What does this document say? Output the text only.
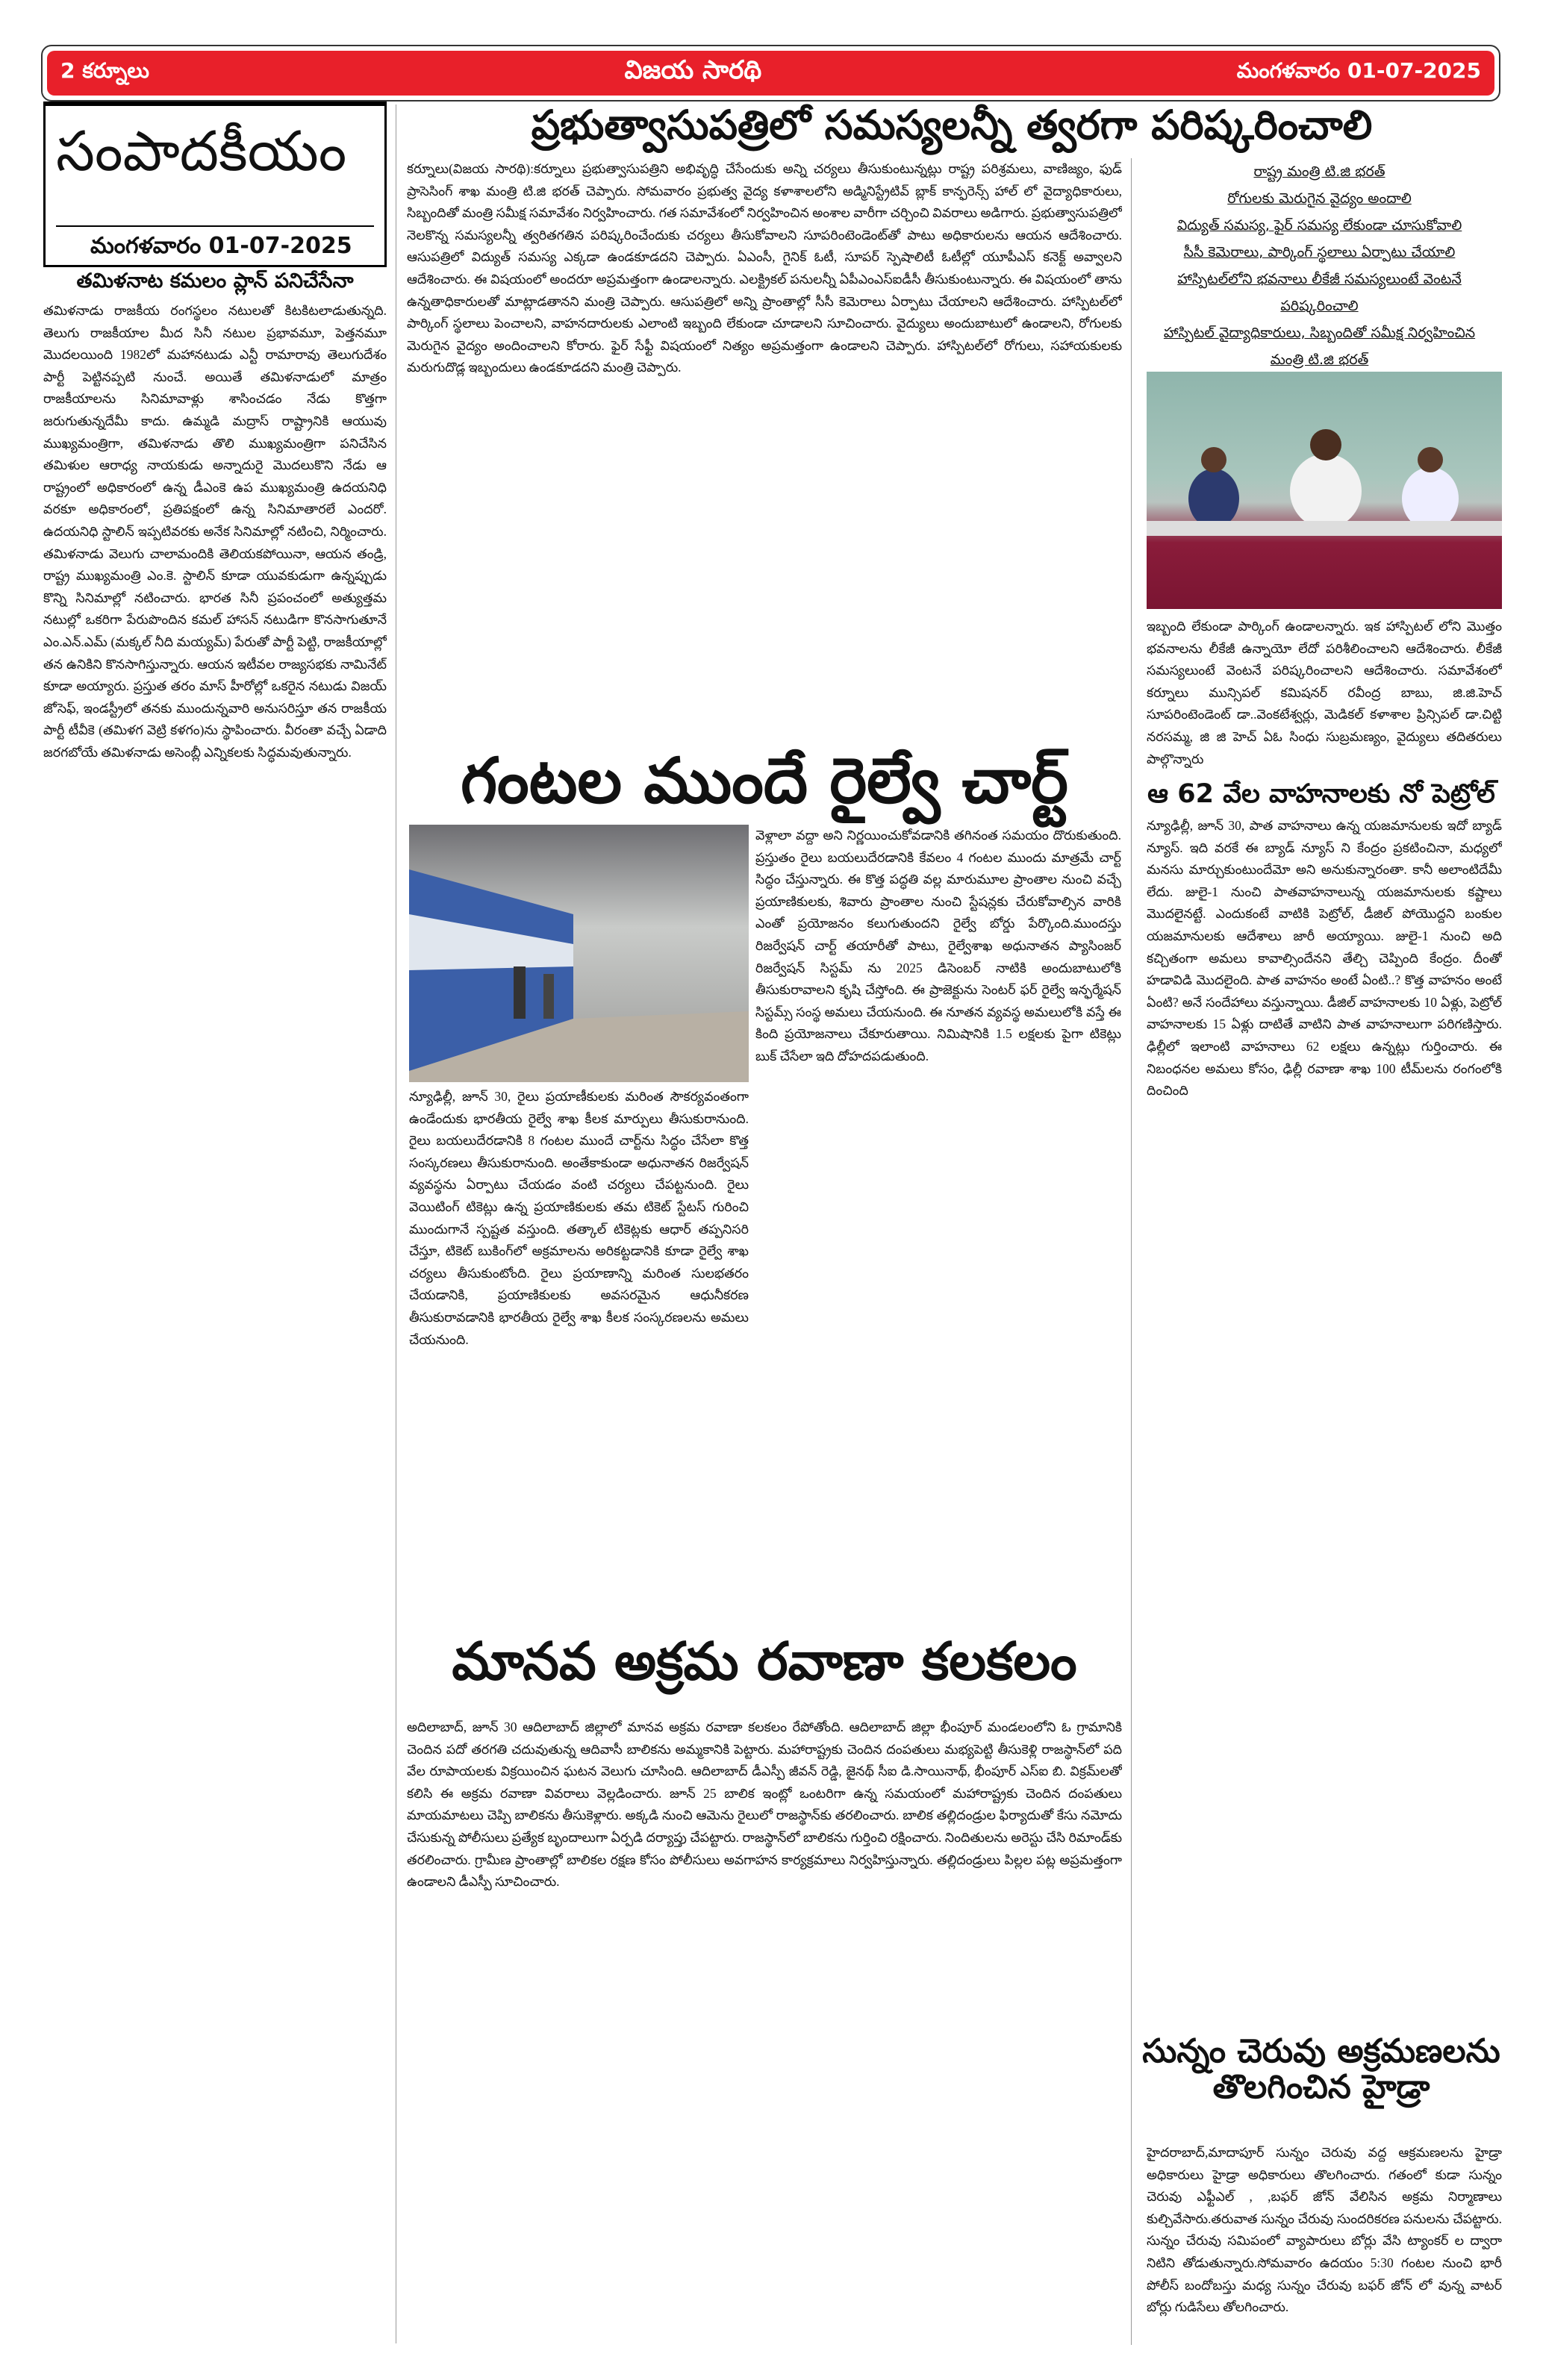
2 కర్నూలు	విజయ సారథి	మంగళవారం 01-07-2025
సంపాదకీయం
మంగళవారం 01-07-2025
తమిళనాట కమలం ప్లాన్ పనిచేసేనా
తమిళనాడు రాజకీయ రంగస్థలం నటులతో కిటకిటలాడుతున్నది. తెలుగు రాజకీయాల మీద సినీ నటుల ప్రభావమూ, పెత్తనమూ మొదలయింది 1982లో మహానటుడు ఎన్టీ రామారావు తెలుగుదేశం పార్టీ పెట్టినప్పటి నుంచే. అయితే తమిళనాడులో మాత్రం రాజకీయాలను సినిమావాళ్లు శాసించడం నేడు కొత్తగా జరుగుతున్నదేమీ కాదు. ఉమ్మడి మద్రాస్ రాష్ట్రానికి ఆయువు ముఖ్యమంత్రిగా, తమిళనాడు తొలి ముఖ్యమంత్రిగా పనిచేసిన తమిళుల ఆరాధ్య నాయకుడు అన్నాదురై మొదలుకొని నేడు ఆ రాష్ట్రంలో అధికారంలో ఉన్న డీఎంకె ఉప ముఖ్యమంత్రి ఉదయనిధి వరకూ అధికారంలో, ప్రతిపక్షంలో ఉన్న సినిమాతారలే ఎందరో. ఉదయనిధి స్టాలిన్ ఇప్పటివరకు అనేక సినిమాల్లో నటించి, నిర్మించారు. తమిళనాడు వెలుగు చాలామందికి తెలియకపోయినా, ఆయన తండ్రి, రాష్ట్ర ముఖ్యమంత్రి ఎం.కె. స్టాలిన్ కూడా యువకుడుగా ఉన్నప్పుడు కొన్ని సినిమాల్లో నటించారు. భారత సినీ ప్రపంచంలో అత్యుత్తమ నటుల్లో ఒకరిగా పేరుపొందిన కమల్ హాసన్ నటుడిగా కొనసాగుతూనే ఎం.ఎన్.ఎమ్ (మక్కల్ నీది మయ్యమ్) పేరుతో పార్టీ పెట్టి, రాజకీయాల్లో తన ఉనికిని కొనసాగిస్తున్నారు. ఆయన ఇటీవల రాజ్యసభకు నామినేట్ కూడా అయ్యారు. ప్రస్తుత తరం మాస్ హీరోల్లో ఒకరైన నటుడు విజయ్ జోసెఫ్, ఇండస్ట్రీలో తనకు ముందున్నవారి అనుసరిస్తూ తన రాజకీయ పార్టీ టీవీకె (తమిళగ వెట్రి కళగం)ను స్థాపించారు. వీరంతా వచ్చే ఏడాది జరగబోయే తమిళనాడు అసెంబ్లీ ఎన్నికలకు సిద్ధమవుతున్నారు.
ప్రభుత్వాసుపత్రిలో సమస్యలన్నీ త్వరగా పరిష్కరించాలి
కర్నూలు(విజయ సారథి):కర్నూలు ప్రభుత్వాసుపత్రిని అభివృద్ధి చేసేందుకు అన్ని చర్యలు తీసుకుంటున్నట్లు రాష్ట్ర పరిశ్రమలు, వాణిజ్యం, ఫుడ్ ప్రాసెసింగ్ శాఖ మంత్రి టి.జి భరత్ చెప్పారు. సోమవారం ప్రభుత్వ వైద్య కళాశాలలోని అడ్మినిస్ట్రేటివ్ బ్లాక్ కాన్ఫరెన్స్ హాల్ లో వైద్యాధికారులు, సిబ్బందితో మంత్రి సమీక్ష సమావేశం నిర్వహించారు. గత సమావేశంలో నిర్వహించిన అంశాల వారీగా చర్చించి వివరాలు అడిగారు. ప్రభుత్వాసుపత్రిలో నెలకొన్న సమస్యలన్నీ త్వరితగతిన పరిష్కరించేందుకు చర్యలు తీసుకోవాలని సూపరింటెండెంట్‌తో పాటు అధికారులను ఆయన ఆదేశించారు. ఆసుపత్రిలో విద్యుత్ సమస్య ఎక్కడా ఉండకూడదని చెప్పారు. ఏఎంసీ, గైనిక్ ఓటీ, సూపర్ స్పెషాలిటీ ఓటీల్లో యూపీఎస్ కనెక్ట్ అవ్వాలని ఆదేశించారు. ఈ విషయంలో అందరూ అప్రమత్తంగా ఉండాలన్నారు. ఎలక్ట్రికల్ పనులన్నీ ఏపీఎంఎస్ఐడీసీ తీసుకుంటున్నారు. ఈ విషయంలో తాను ఉన్నతాధికారులతో మాట్లాడతానని మంత్రి చెప్పారు. ఆసుపత్రిలో అన్ని ప్రాంతాల్లో సీసీ కెమెరాలు ఏర్పాటు చేయాలని ఆదేశించారు. హాస్పిటల్‌లో పార్కింగ్ స్థలాలు పెంచాలని, వాహనదారులకు ఎలాంటి ఇబ్బంది లేకుండా చూడాలని సూచించారు. వైద్యులు అందుబాటులో ఉండాలని, రోగులకు మెరుగైన వైద్యం అందించాలని కోరారు. ఫైర్ సేఫ్టీ విషయంలో నిత్యం అప్రమత్తంగా ఉండాలని చెప్పారు. హాస్పిటల్‌లో రోగులు, సహాయకులకు మరుగుదొడ్ల ఇబ్బందులు ఉండకూడదని మంత్రి చెప్పారు.
రాష్ట్ర మంత్రి టి.జి భరత్
రోగులకు మెరుగైన వైద్యం అందాలి
విద్యుత్ సమస్య, ఫైర్ సమస్య లేకుండా చూసుకోవాలి
సీసీ కెమెరాలు, పార్కింగ్ స్థలాలు ఏర్పాటు చేయాలి
హాస్పిటల్‌లోని భవనాలు లీకేజీ సమస్యలుంటే వెంటనే
పరిష్కరించాలి
హాస్పిటల్ వైద్యాధికారులు, సిబ్బందితో సమీక్ష నిర్వహించిన
మంత్రి టి.జి భరత్
ఇబ్బంది లేకుండా పార్కింగ్ ఉండాలన్నారు. ఇక హాస్పిటల్ లోని మొత్తం భవనాలను లీకేజీ ఉన్నాయో లేదో పరిశీలించాలని ఆదేశించారు. లీకేజీ సమస్యలుంటే వెంటనే పరిష్కరించాలని ఆదేశించారు. సమావేశంలో కర్నూలు మున్సిపల్ కమిషనర్ రవీంద్ర బాబు, జి.జి.హెచ్ సూపరింటెండెంట్ డా..వెంకటేశ్వర్లు, మెడికల్ కళాశాల ప్రిన్సిపల్ డా.చిట్టి నరసమ్మ, జి జి హెచ్ ఏఓ సింధు సుబ్రమణ్యం, వైద్యులు తదితరులు పాల్గొన్నారు
గంటల ముందే రైల్వే చార్ట్
న్యూఢిల్లీ, జూన్ 30, రైలు ప్రయాణీకులకు మరింత సౌకర్యవంతంగా ఉండేందుకు భారతీయ రైల్వే శాఖ కీలక మార్పులు తీసుకురానుంది. రైలు బయలుదేరడానికి 8 గంటల ముందే చార్ట్‌ను సిద్ధం చేసేలా కొత్త సంస్కరణలు తీసుకురానుంది. అంతేకాకుండా అధునాతన రిజర్వేషన్ వ్యవస్థను ఏర్పాటు చేయడం వంటి చర్యలు చేపట్టనుంది. రైలు వెయిటింగ్ టికెట్లు ఉన్న ప్రయాణికులకు తమ టికెట్ స్టేటస్ గురించి ముందుగానే స్పష్టత వస్తుంది. తత్కాల్ టికెట్లకు ఆధార్ తప్పనిసరి చేస్తూ, టికెట్ బుకింగ్‌లో అక్రమాలను అరికట్టడానికి కూడా రైల్వే శాఖ చర్యలు తీసుకుంటోంది. రైలు ప్రయాణాన్ని మరింత సులభతరం చేయడానికి, ప్రయాణికులకు అవసరమైన ఆధునీకరణ తీసుకురావడానికి భారతీయ రైల్వే శాఖ కీలక సంస్కరణలను అమలు చేయనుంది.
వెళ్లాలా వద్దా అని నిర్ణయించుకోవడానికి తగినంత సమయం దొరుకుతుంది. ప్రస్తుతం రైలు బయలుదేరడానికి కేవలం 4 గంటల ముందు మాత్రమే చార్ట్ సిద్ధం చేస్తున్నారు. ఈ కొత్త పద్ధతి వల్ల మారుమూల ప్రాంతాల నుంచి వచ్చే ప్రయాణికులకు, శివారు ప్రాంతాల నుంచి స్టేషన్లకు చేరుకోవాల్సిన వారికి ఎంతో ప్రయోజనం కలుగుతుందని రైల్వే బోర్డు పేర్కొంది.ముందస్తు రిజర్వేషన్ చార్ట్ తయారీతో పాటు, రైల్వేశాఖ అధునాతన ప్యాసింజర్ రిజర్వేషన్ సిస్టమ్ ను 2025 డిసెంబర్ నాటికి అందుబాటులోకి తీసుకురావాలని కృషి చేస్తోంది. ఈ ప్రాజెక్టును సెంటర్ ఫర్ రైల్వే ఇన్ఫర్మేషన్ సిస్టమ్స్ సంస్థ అమలు చేయనుంది. ఈ నూతన వ్యవస్థ అమలులోకి వస్తే ఈ కింది ప్రయోజనాలు చేకూరుతాయి. నిమిషానికి 1.5 లక్షలకు పైగా టికెట్లు బుక్ చేసేలా ఇది దోహదపడుతుంది.
మానవ అక్రమ రవాణా కలకలం
అదిలాబాద్, జూన్ 30 ఆదిలాబాద్ జిల్లాలో మానవ అక్రమ రవాణా కలకలం రేపోతోంది. ఆదిలాబాద్ జిల్లా భీంపూర్ మండలంలోని ఓ గ్రామానికి చెందిన పదో తరగతి చదువుతున్న ఆదివాసీ బాలికను అమ్మకానికి పెట్టారు. మహారాష్ట్రకు చెందిన దంపతులు మభ్యపెట్టి తీసుకెళ్లి రాజస్థాన్‌లో పది వేల రూపాయలకు విక్రయించిన ఘటన వెలుగు చూసింది. ఆదిలాబాద్ డీఎస్పీ జీవన్ రెడ్డి, జైనథ్ సీఐ డి.సాయినాథ్, భీంపూర్ ఎస్ఐ బి. విక్రమ్‌లతో కలిసి ఈ అక్రమ రవాణా వివరాలు వెల్లడించారు. జూన్ 25 బాలిక ఇంట్లో ఒంటరిగా ఉన్న సమయంలో మహారాష్ట్రకు చెందిన దంపతులు మాయమాటలు చెప్పి బాలికను తీసుకెళ్లారు. అక్కడి నుంచి ఆమెను రైలులో రాజస్థాన్‌కు తరలించారు. బాలిక తల్లిదండ్రుల ఫిర్యాదుతో కేసు నమోదు చేసుకున్న పోలీసులు ప్రత్యేక బృందాలుగా ఏర్పడి దర్యాప్తు చేపట్టారు. రాజస్థాన్‌లో బాలికను గుర్తించి రక్షించారు. నిందితులను అరెస్టు చేసి రిమాండ్‌కు తరలించారు. గ్రామీణ ప్రాంతాల్లో బాలికల రక్షణ కోసం పోలీసులు అవగాహన కార్యక్రమాలు నిర్వహిస్తున్నారు. తల్లిదండ్రులు పిల్లల పట్ల అప్రమత్తంగా ఉండాలని డీఎస్పీ సూచించారు.
ఆ 62 వేల వాహనాలకు నో పెట్రోల్
న్యూఢిల్లీ, జూన్ 30, పాత వాహనాలు ఉన్న యజమానులకు ఇదో బ్యాడ్ న్యూస్. ఇది వరకే ఈ బ్యాడ్ న్యూస్ ని కేంద్రం ప్రకటించినా, మధ్యలో మనసు మార్చుకుంటుందేమో అని అనుకున్నారంతా. కానీ అలాంటిదేమీ లేదు. జులై-1 నుంచి పాతవాహనాలున్న యజమానులకు కష్టాలు మొదలైనట్టే. ఎందుకంటే వాటికి పెట్రోల్, డీజిల్ పోయొద్దని బంకుల యజమానులకు ఆదేశాలు జారీ అయ్యాయి. జులై-1 నుంచి అది కచ్చితంగా అమలు కావాల్సిందేనని తేల్చి చెప్పింది కేంద్రం. దీంతో హడావిడి మొదలైంది. పాత వాహనం అంటే ఏంటి..? కొత్త వాహనం అంటే ఏంటి? అనే సందేహాలు వస్తున్నాయి. డీజిల్ వాహనాలకు 10 ఏళ్లు, పెట్రోల్ వాహనాలకు 15 ఏళ్లు దాటితే వాటిని పాత వాహనాలుగా పరిగణిస్తారు. ఢిల్లీలో ఇలాంటి వాహనాలు 62 లక్షలు ఉన్నట్లు గుర్తించారు. ఈ నిబంధనల అమలు కోసం, ఢిల్లీ రవాణా శాఖ 100 టీమ్‌లను రంగంలోకి దించింది
సున్నం చెరువు అక్రమణలను
తొలగించిన హైడ్రా
హైదరాబాద్,మాదాపూర్ సున్నం చెరువు వద్ద ఆక్రమణలను హైడ్రా అధికారులు హైడ్రా అధికారులు తొలగించారు. గతంలో కుడా సున్నం చెరువు ఎఫ్టీఎల్ , ,బఫర్ జోన్ వేలిసిన అక్రమ నిర్మాణాలు కుల్చివేసారు.తరువాత సున్నం చేరువు సుందరికరణ పనులను చేపట్టారు. సున్నం చేరువు సమిపంలో వ్యాపారులు బోర్లు వేసి ట్యాంకర్ ల ద్వారా నిటిని తోడుతున్నారు.సోమవారం ఉదయం 5:30 గంటల నుంచి భారీ పోలీస్ బందోబస్తు మధ్య సున్నం చేరువు బఫర్ జోన్ లో వున్న వాటర్ బోర్లు గుడిసేలు తోలగించారు.
